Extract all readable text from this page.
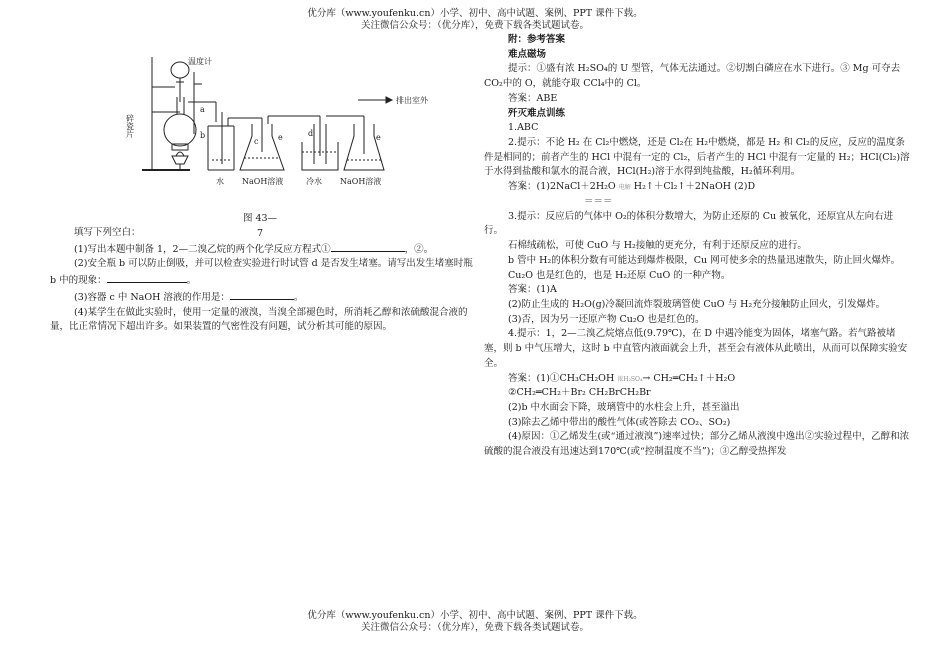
优分库（www.youfenku.cn）小学、初中、高中试题、案例、PPT 课件下载。
关注微信公众号：（优分库），免费下载各类试题试卷。
温度计
碎瓷片
排出室外
a
b
c
d
e	e
水 NaOH溶液	冷水 NaOH溶液
图 43—7

填写下列空白：

(1)写出本题中制备 1，2—二溴乙烷的两个化学反应方程式①	，②。

(2)安全瓶 b 可以防止倒吸，并可以检查实验进行时试管 d 是否发生堵塞。请写出发生堵塞时瓶 b 中的现象：	。

(3)容器 c 中 NaOH 溶液的作用是：	。

(4)某学生在做此实验时，使用一定量的液溴，当溴全部褪色时，所消耗乙醇和浓硫酸混合液的量，比正常情况下超出许多。如果装置的气密性没有问题，试分析其可能的原因。

附：参考答案

难点磁场

提示：①盛有浓 H₂SO₄的 U 型管，气体无法通过。②切割白磷应在水下进行。③ Mg 可夺去 CO₂中的 O，就能夺取 CCl₄中的 Cl。

答案：ABE

歼灭难点训练

1.ABC

2.提示：不论 H₂ 在 Cl₂中燃烧，还是 Cl₂在 H₂中燃烧，都是 H₂ 和 Cl₂的反应，反应的温度条件是相同的；前者产生的 HCl 中混有一定的 Cl₂，后者产生的 HCl 中混有一定量的 H₂；HCl(Cl₂)溶于水得到盐酸和氯水的混合液，HCl(H₂)溶于水得到纯盐酸，H₂循环利用。

答案：(1)2NaCl＋2H₂O 电解 H₂↑＋Cl₂↑＋2NaOH (2)D
＝＝＝

3.提示：反应后的气体中 O₂的体积分数增大，为防止还原的 Cu 被氧化，还原宜从左向右进行。

石棉绒疏松，可使 CuO 与 H₂接触的更充分，有利于还原反应的进行。

b 管中 H₂的体积分数有可能达到爆炸极限，Cu 网可使多余的热量迅速散失，防止回火爆炸。

Cu₂O 也是红色的，也是 H₂还原 CuO 的一种产物。

答案：(1)A

(2)防止生成的 H₂O(g)冷凝回流炸裂玻璃管使 CuO 与 H₂充分接触防止回火，引发爆炸。

(3)否，因为另一还原产物 Cu₂O 也是红色的。

4.提示：1，2—二溴乙烷熔点低(9.79℃)，在 D 中遇冷能变为固体，堵塞气路。若气路被堵塞，则 b 中气压增大，这时 b 中直管内液面就会上升，甚至会有液体从此喷出，从而可以保障实验安全。

答案：(1)①CH₃CH₂OH 浓H₂SO₄→ CH₂═CH₂↑＋H₂O

②CH₂═CH₂＋Br₂ CH₂BrCH₂Br

(2)b 中水面会下降，玻璃管中的水柱会上升，甚至溢出

(3)除去乙烯中带出的酸性气体(或答除去 CO₂、SO₂)

(4)原因：①乙烯发生(或“通过液溴”)速率过快；部分乙烯从液溴中逸出②实验过程中，乙醇和浓硫酸的混合液没有迅速达到170℃(或“控制温度不当”)；③乙醇受热挥发

优分库（www.youfenku.cn）小学、初中、高中试题、案例、PPT 课件下载。
关注微信公众号：（优分库），免费下载各类试题试卷。
